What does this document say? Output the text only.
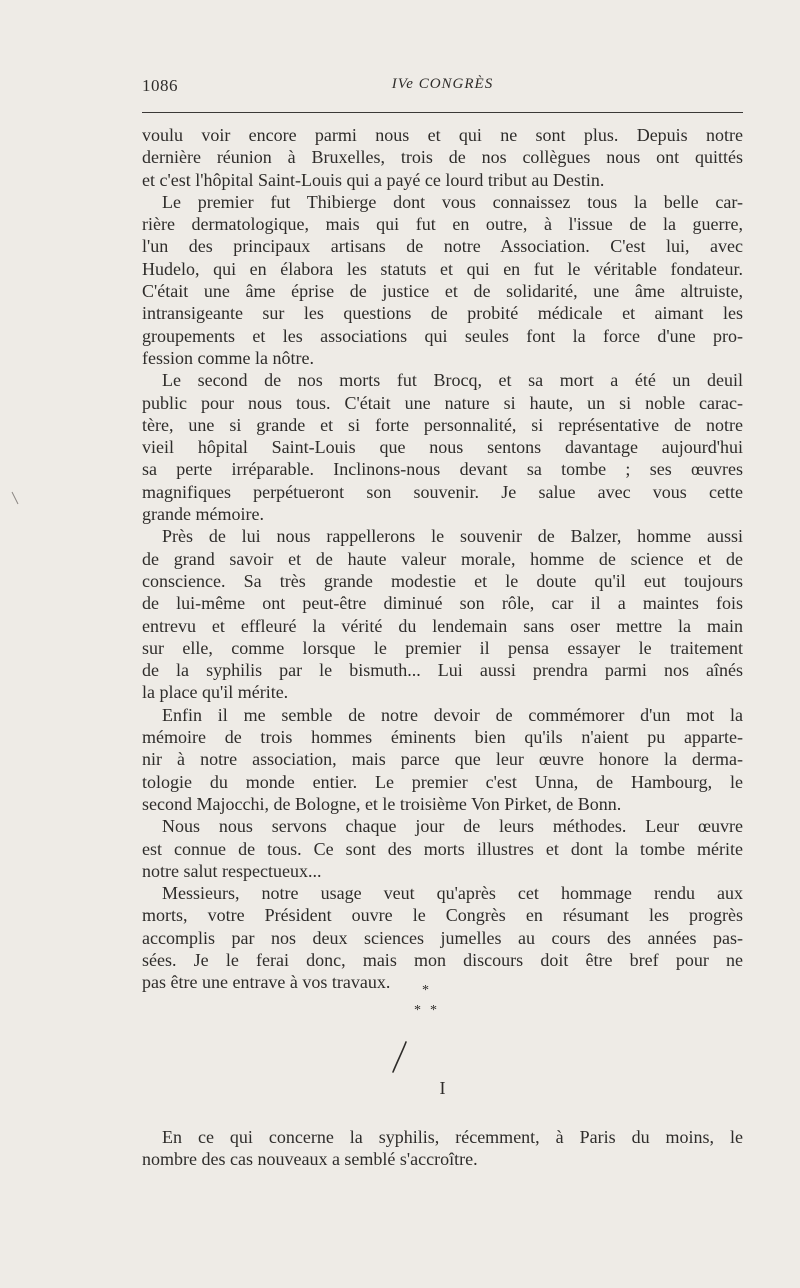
1086	IVe CONGRÈS

voulu voir encore parmi nous et qui ne sont plus. Depuis notre

dernière réunion à Bruxelles, trois de nos collègues nous ont quittés

et c'est l'hôpital Saint-Louis qui a payé ce lourd tribut au Destin.

Le premier fut Thibierge dont vous connaissez tous la belle car-

rière dermatologique, mais qui fut en outre, à l'issue de la guerre,

l'un des principaux artisans de notre Association. C'est lui, avec

Hudelo, qui en élabora les statuts et qui en fut le véritable fondateur.

C'était une âme éprise de justice et de solidarité, une âme altruiste,

intransigeante sur les questions de probité médicale et aimant les

groupements et les associations qui seules font la force d'une pro-

fession comme la nôtre.

Le second de nos morts fut Brocq, et sa mort a été un deuil

public pour nous tous. C'était une nature si haute, un si noble carac-

tère, une si grande et si forte personnalité, si représentative de notre

vieil hôpital Saint-Louis que nous sentons davantage aujourd'hui

sa perte irréparable. Inclinons-nous devant sa tombe ; ses œuvres

magnifiques perpétueront son souvenir. Je salue avec vous cette

grande mémoire.

Près de lui nous rappellerons le souvenir de Balzer, homme aussi

de grand savoir et de haute valeur morale, homme de science et de

conscience. Sa très grande modestie et le doute qu'il eut toujours

de lui-même ont peut-être diminué son rôle, car il a maintes fois

entrevu et effleuré la vérité du lendemain sans oser mettre la main

sur elle, comme lorsque le premier il pensa essayer le traitement

de la syphilis par le bismuth... Lui aussi prendra parmi nos aînés

la place qu'il mérite.

Enfin il me semble de notre devoir de commémorer d'un mot la

mémoire de trois hommes éminents bien qu'ils n'aient pu apparte-

nir à notre association, mais parce que leur œuvre honore la derma-

tologie du monde entier. Le premier c'est Unna, de Hambourg, le

second Majocchi, de Bologne, et le troisième Von Pirket, de Bonn.

Nous nous servons chaque jour de leurs méthodes. Leur œuvre

est connue de tous. Ce sont des morts illustres et dont la tombe mérite

notre salut respectueux...

Messieurs, notre usage veut qu'après cet hommage rendu aux

morts, votre Président ouvre le Congrès en résumant les progrès

accomplis par nos deux sciences jumelles au cours des années pas-

sées. Je le ferai donc, mais mon discours doit être bref pour ne

pas être une entrave à vos travaux.	*
* *
I

En ce qui concerne la syphilis, récemment, à Paris du moins, le

nombre des cas nouveaux a semblé s'accroître.
